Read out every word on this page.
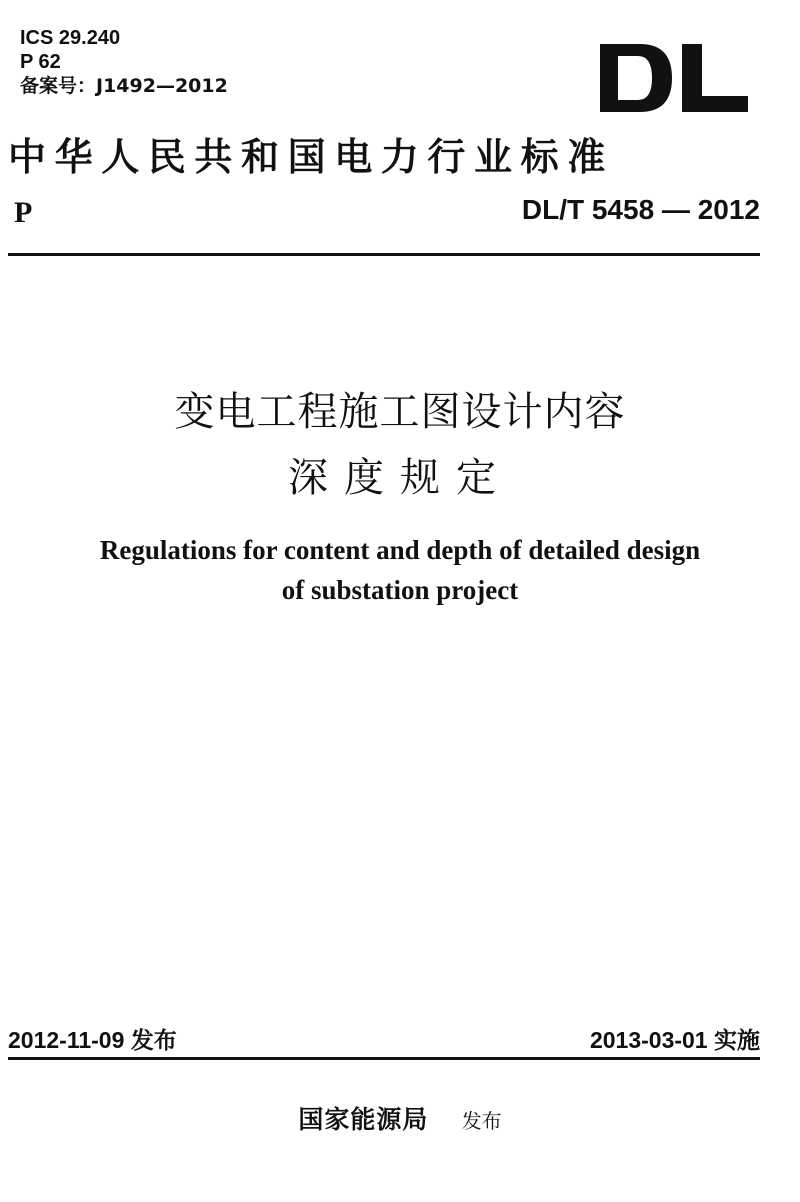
ICS 29.240
P 62
备案号：J1492—2012
中华人民共和国电力行业标准
P	DL/T 5458 — 2012
变电工程施工图设计内容
深度规定
Regulations for content and depth of detailed design
of substation project
2012-11-09 发布	2013-03-01 实施
国家能源局 发布
